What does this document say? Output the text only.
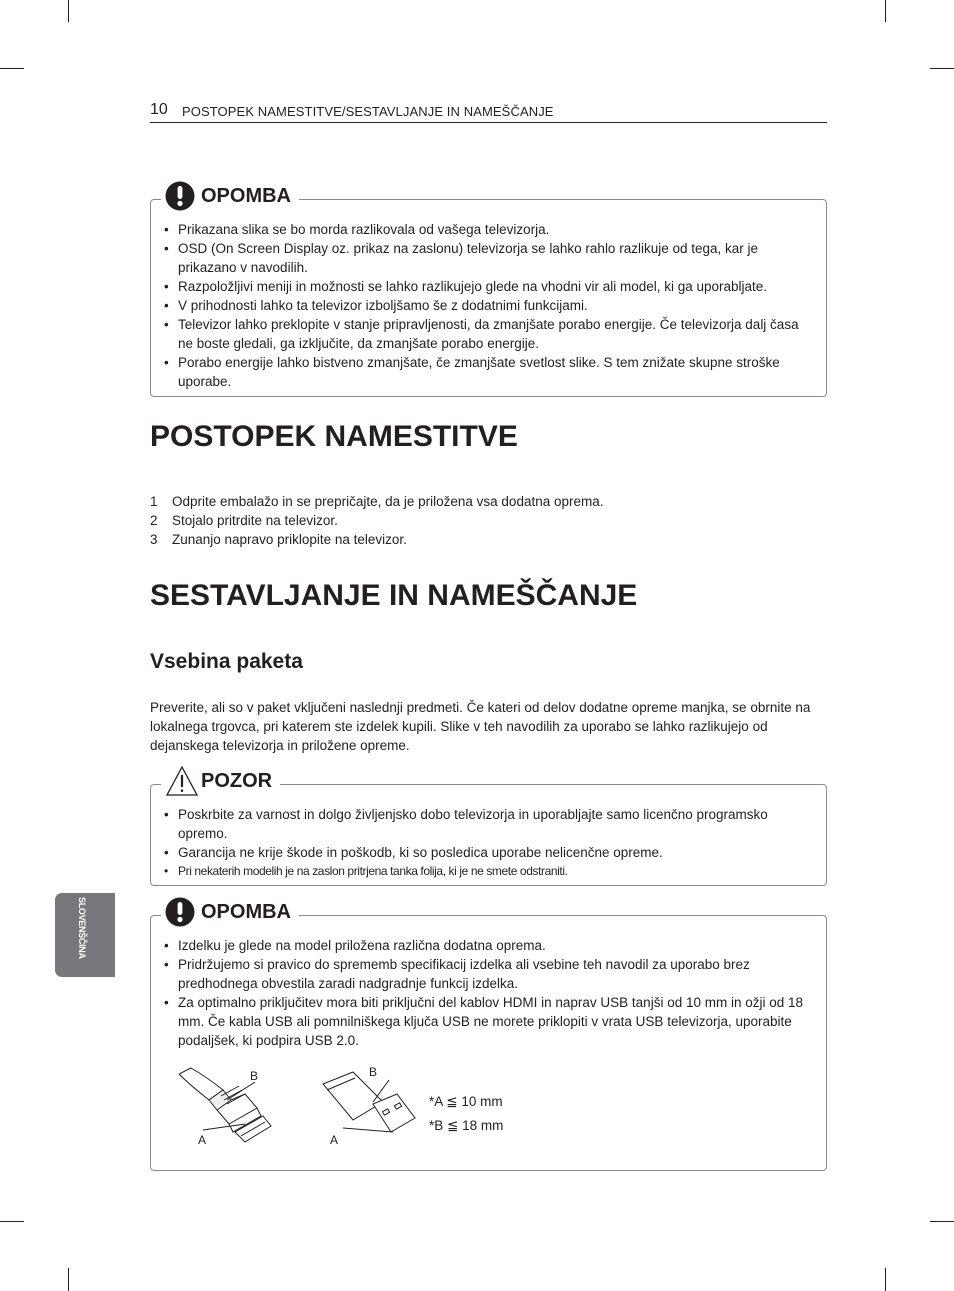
10 POSTOPEK NAMESTITVE/SESTAVLJANJE IN NAMEŠČANJE
OPOMBA
• Prikazana slika se bo morda razlikovala od vašega televizorja.
• OSD (On Screen Display oz. prikaz na zaslonu) televizorja se lahko rahlo razlikuje od tega, kar je prikazano v navodilih.
• Razpoložljivi meniji in možnosti se lahko razlikujejo glede na vhodni vir ali model, ki ga uporabljate.
• V prihodnosti lahko ta televizor izboljšamo še z dodatnimi funkcijami.
• Televizor lahko preklopite v stanje pripravljenosti, da zmanjšate porabo energije. Če televizorja dalj časa ne boste gledali, ga izključite, da zmanjšate porabo energije.
• Porabo energije lahko bistveno zmanjšate, če zmanjšate svetlost slike. S tem znižate skupne stroške uporabe.
POSTOPEK NAMESTITVE
1	Odprite embalažo in se prepričajte, da je priložena vsa dodatna oprema.
2	Stojalo pritrdite na televizor.
3	Zunanjo napravo priklopite na televizor.
SESTAVLJANJE IN NAMEŠČANJE
Vsebina paketa

Preverite, ali so v paket vključeni naslednji predmeti. Če kateri od delov dodatne opreme manjka, se obrnite na lokalnega trgovca, pri katerem ste izdelek kupili. Slike v teh navodilih za uporabo se lahko razlikujejo od dejanskega televizorja in priložene opreme.

POZOR
• Poskrbite za varnost in dolgo življenjsko dobo televizorja in uporabljajte samo licenčno programsko opremo.
• Garancija ne krije škode in poškodb, ki so posledica uporabe nelicenčne opreme.
• Pri nekaterih modelih je na zaslon pritrjena tanka folija, ki je ne smete odstraniti.
OPOMBA
• Izdelku je glede na model priložena različna dodatna oprema.
• Pridržujemo si pravico do sprememb specifikacij izdelka ali vsebine teh navodil za uporabo brez predhodnega obvestila zaradi nadgradnje funkcij izdelka.
• Za optimalno priključitev mora biti priključni del kablov HDMI in naprav USB tanjši od 10 mm in ožji od 18 mm. Če kabla USB ali pomnilniškega ključa USB ne morete priklopiti v vrata USB televizorja, uporabite podaljšek, ki podpira USB 2.0.
B
A
B
A
*A ≦ 10 mm
*B ≦ 18 mm
SLOVENŠČINA
